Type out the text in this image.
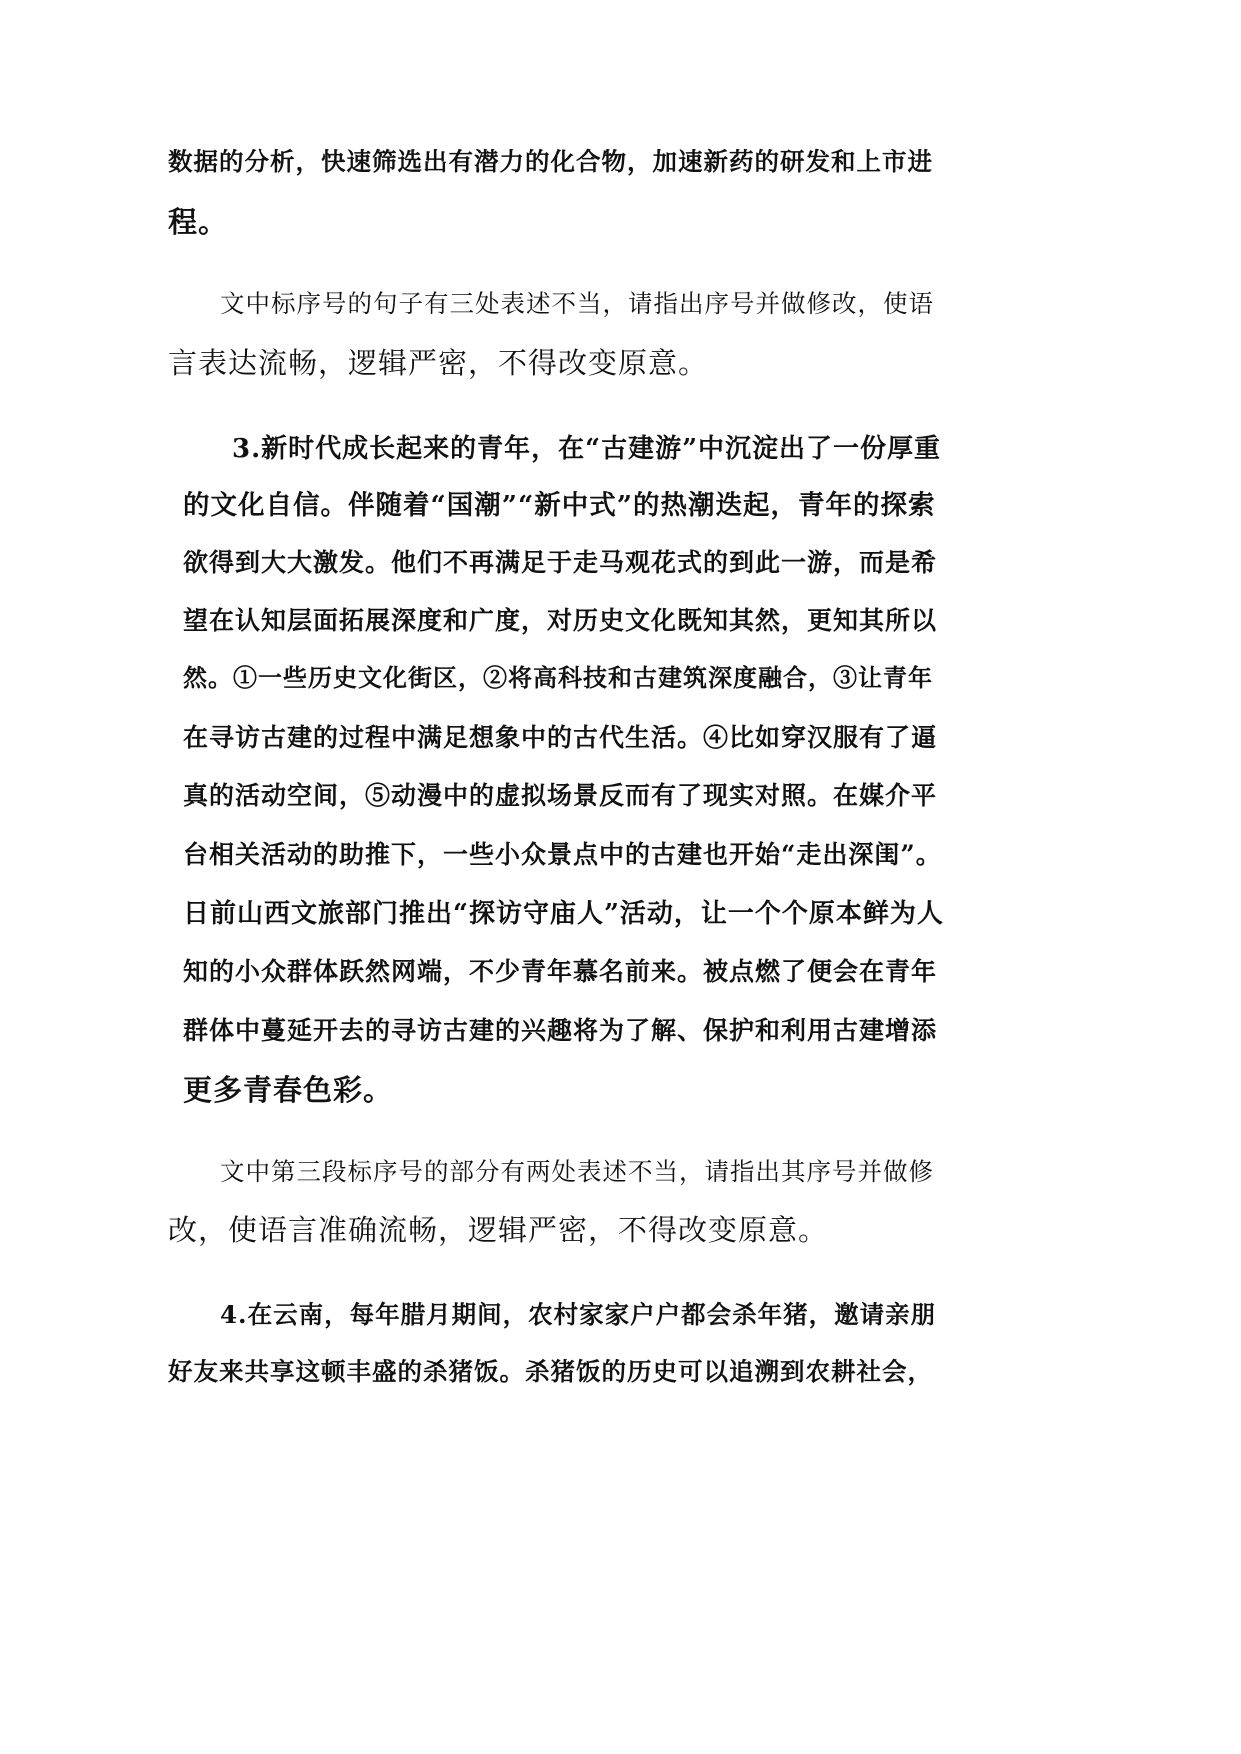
数据的分析，快速筛选出有潜力的化合物，加速新药的研发和上市进
程。
文中标序号的句子有三处表述不当，请指出序号并做修改，使语
言表达流畅，逻辑严密，不得改变原意。
3.新时代成长起来的青年，在“古建游”中沉淀出了一份厚重
的文化自信。伴随着“国潮”“新中式”的热潮迭起，青年的探索
欲得到大大激发。他们不再满足于走马观花式的到此一游，而是希
望在认知层面拓展深度和广度，对历史文化既知其然，更知其所以
然。①一些历史文化街区，②将高科技和古建筑深度融合，③让青年
在寻访古建的过程中满足想象中的古代生活。④比如穿汉服有了逼
真的活动空间，⑤动漫中的虚拟场景反而有了现实对照。在媒介平
台相关活动的助推下，一些小众景点中的古建也开始“走出深闺”。
日前山西文旅部门推出“探访守庙人”活动，让一个个原本鲜为人
知的小众群体跃然网端，不少青年慕名前来。被点燃了便会在青年
群体中蔓延开去的寻访古建的兴趣将为了解、保护和利用古建增添
更多青春色彩。
文中第三段标序号的部分有两处表述不当，请指出其序号并做修
改，使语言准确流畅，逻辑严密，不得改变原意。
4.在云南，每年腊月期间，农村家家户户都会杀年猪，邀请亲朋
好友来共享这顿丰盛的杀猪饭。杀猪饭的历史可以追溯到农耕社会，
